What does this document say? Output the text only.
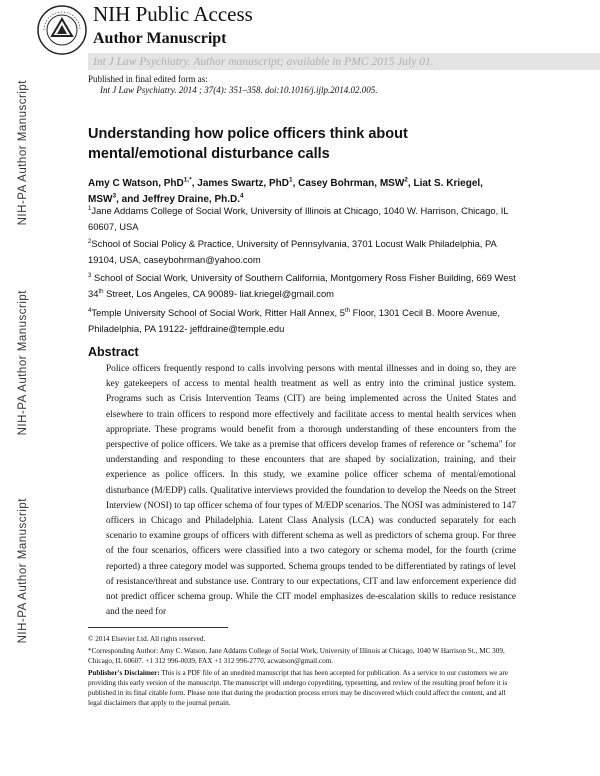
NIH Public Access
Author Manuscript
Int J Law Psychiatry. Author manuscript; available in PMC 2015 July 01.
NIH-PA Author Manuscript
NIH-PA Author Manuscript
NIH-PA Author Manuscript
Published in final edited form as:
Int J Law Psychiatry. 2014 ; 37(4): 351–358. doi:10.1016/j.ijlp.2014.02.005.
Understanding how police officers think about mental/emotional disturbance calls
Amy C Watson, PhD$^{1,*}$, James Swartz, PhD$^1$, Casey Bohrman, MSW$^2$, Liat S. Kriegel,
MSW$^3$, and Jeffrey Draine, Ph.D.$^4$
$^1$Jane Addams College of Social Work, University of Illinois at Chicago, 1040 W. Harrison, Chicago, IL 60607, USA
$^2$School of Social Policy & Practice, University of Pennsylvania, 3701 Locust Walk Philadelphia, PA 19104, USA, caseybohrman@yahoo.com
$^3$ School of Social Work, University of Southern California, Montgomery Ross Fisher Building, 669 West 34th Street, Los Angeles, CA 90089- liat.kriegel@gmail.com
$^4$Temple University School of Social Work, Ritter Hall Annex, 5th Floor, 1301 Cecil B. Moore Avenue, Philadelphia, PA 19122- jeffdraine@temple.edu
Abstract
Police officers frequently respond to calls involving persons with mental illnesses and in doing so, they are key gatekeepers of access to mental health treatment as well as entry into the criminal justice system. Programs such as Crisis Intervention Teams (CIT) are being implemented across the United States and elsewhere to train officers to respond more effectively and facilitate access to mental health services when appropriate. These programs would benefit from a thorough understanding of these encounters from the perspective of police officers. We take as a premise that officers develop frames of reference or "schema" for understanding and responding to these encounters that are shaped by socialization, training, and their experience as police officers. In this study, we examine police officer schema of mental/emotional disturbance (M/EDP) calls. Qualitative interviews provided the foundation to develop the Needs on the Street Interview (NOSI) to tap officer schema of four types of M/EDP scenarios. The NOSI was administered to 147 officers in Chicago and Philadelphia. Latent Class Analysis (LCA) was conducted separately for each scenario to examine groups of officers with different schema as well as predictors of schema group. For three of the four scenarios, officers were classified into a two category or schema model, for the fourth (crime reported) a three category model was supported. Schema groups tended to be differentiated by ratings of level of resistance/threat and substance use. Contrary to our expectations, CIT and law enforcement experience did not predict officer schema group. While the CIT model emphasizes de-escalation skills to reduce resistance and the need for
© 2014 Elsevier Ltd. All rights reserved.
*Corresponding Author: Amy C. Watson, Jane Addams College of Social Work, University of Illinois at Chicago, 1040 W Harrison St., MC 309, Chicago, IL 60607. +1 312 996-0039, FAX +1 312 996-2770, acwatson@gmail.com.
Publisher's Disclaimer: This is a PDF file of an unedited manuscript that has been accepted for publication. As a service to our customers we are providing this early version of the manuscript. The manuscript will undergo copyediting, typesetting, and review of the resulting proof before it is published in its final citable form. Please note that during the production process errors may be discovered which could affect the content, and all legal disclaimers that apply to the journal pertain.
